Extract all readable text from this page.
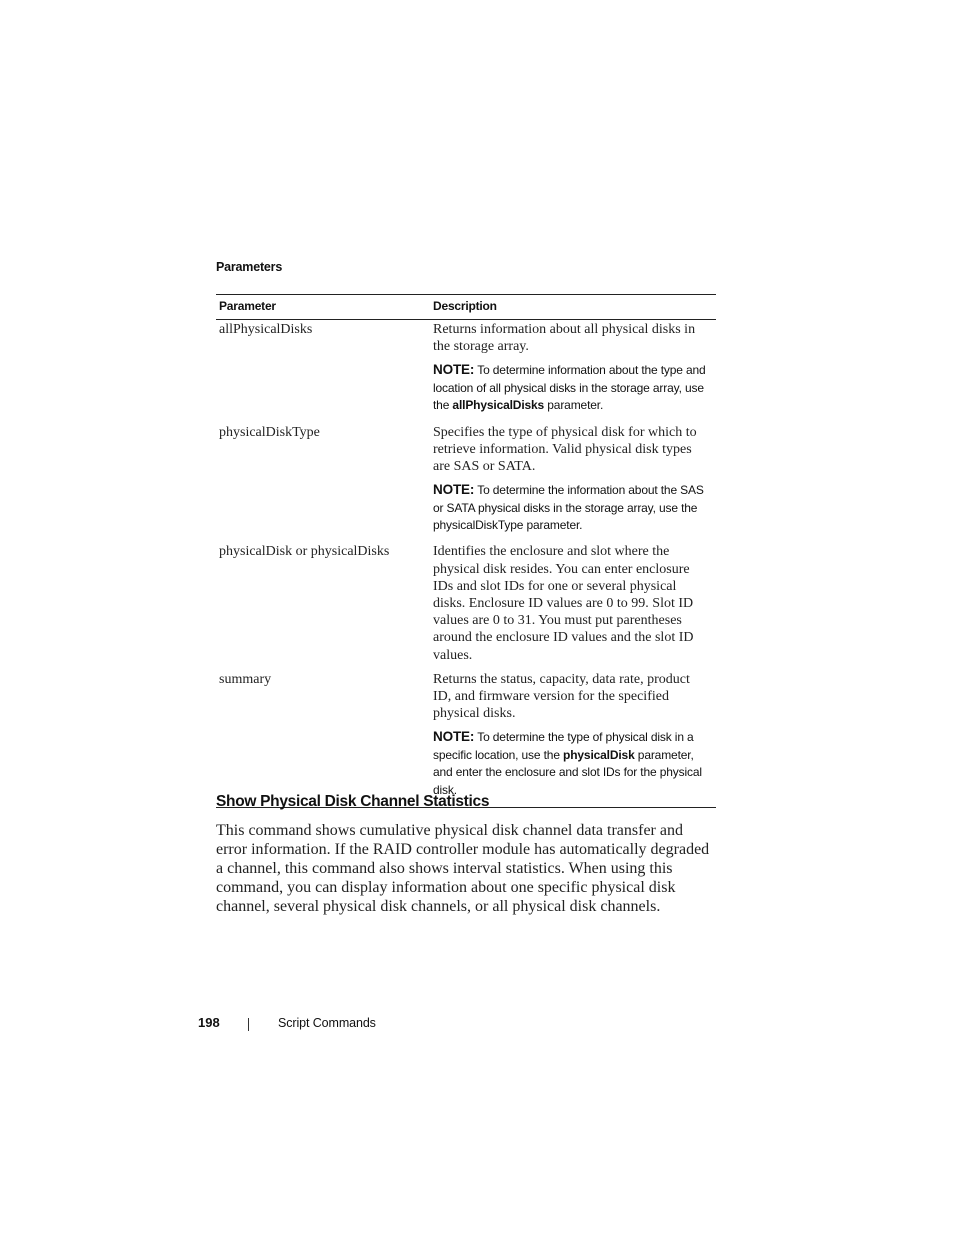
Parameters

Parameter	Description
allPhysicalDisks	Returns information about all physical disks in the storage array.

NOTE: To determine information about the type and location of all physical disks in the storage array, use the allPhysicalDisks parameter.

physicalDiskType	Specifies the type of physical disk for which to retrieve information. Valid physical disk types are SAS or SATA.

NOTE: To determine the information about the SAS or SATA physical disks in the storage array, use the physicalDiskType parameter.

physicalDisk or physicalDisks	Identifies the enclosure and slot where the physical disk resides. You can enter enclosure IDs and slot IDs for one or several physical disks. Enclosure ID values are 0 to 99. Slot ID values are 0 to 31. You must put parentheses around the enclosure ID values and the slot ID values.

summary	Returns the status, capacity, data rate, product ID, and firmware version for the specified physical disks.

NOTE: To determine the type of physical disk in a specific location, use the physicalDisk parameter, and enter the enclosure and slot IDs for the physical disk.

Show Physical Disk Channel Statistics

This command shows cumulative physical disk channel data transfer and error information. If the RAID controller module has automatically degraded a channel, this command also shows interval statistics. When using this command, you can display information about one specific physical disk channel, several physical disk channels, or all physical disk channels.

198	Script Commands
